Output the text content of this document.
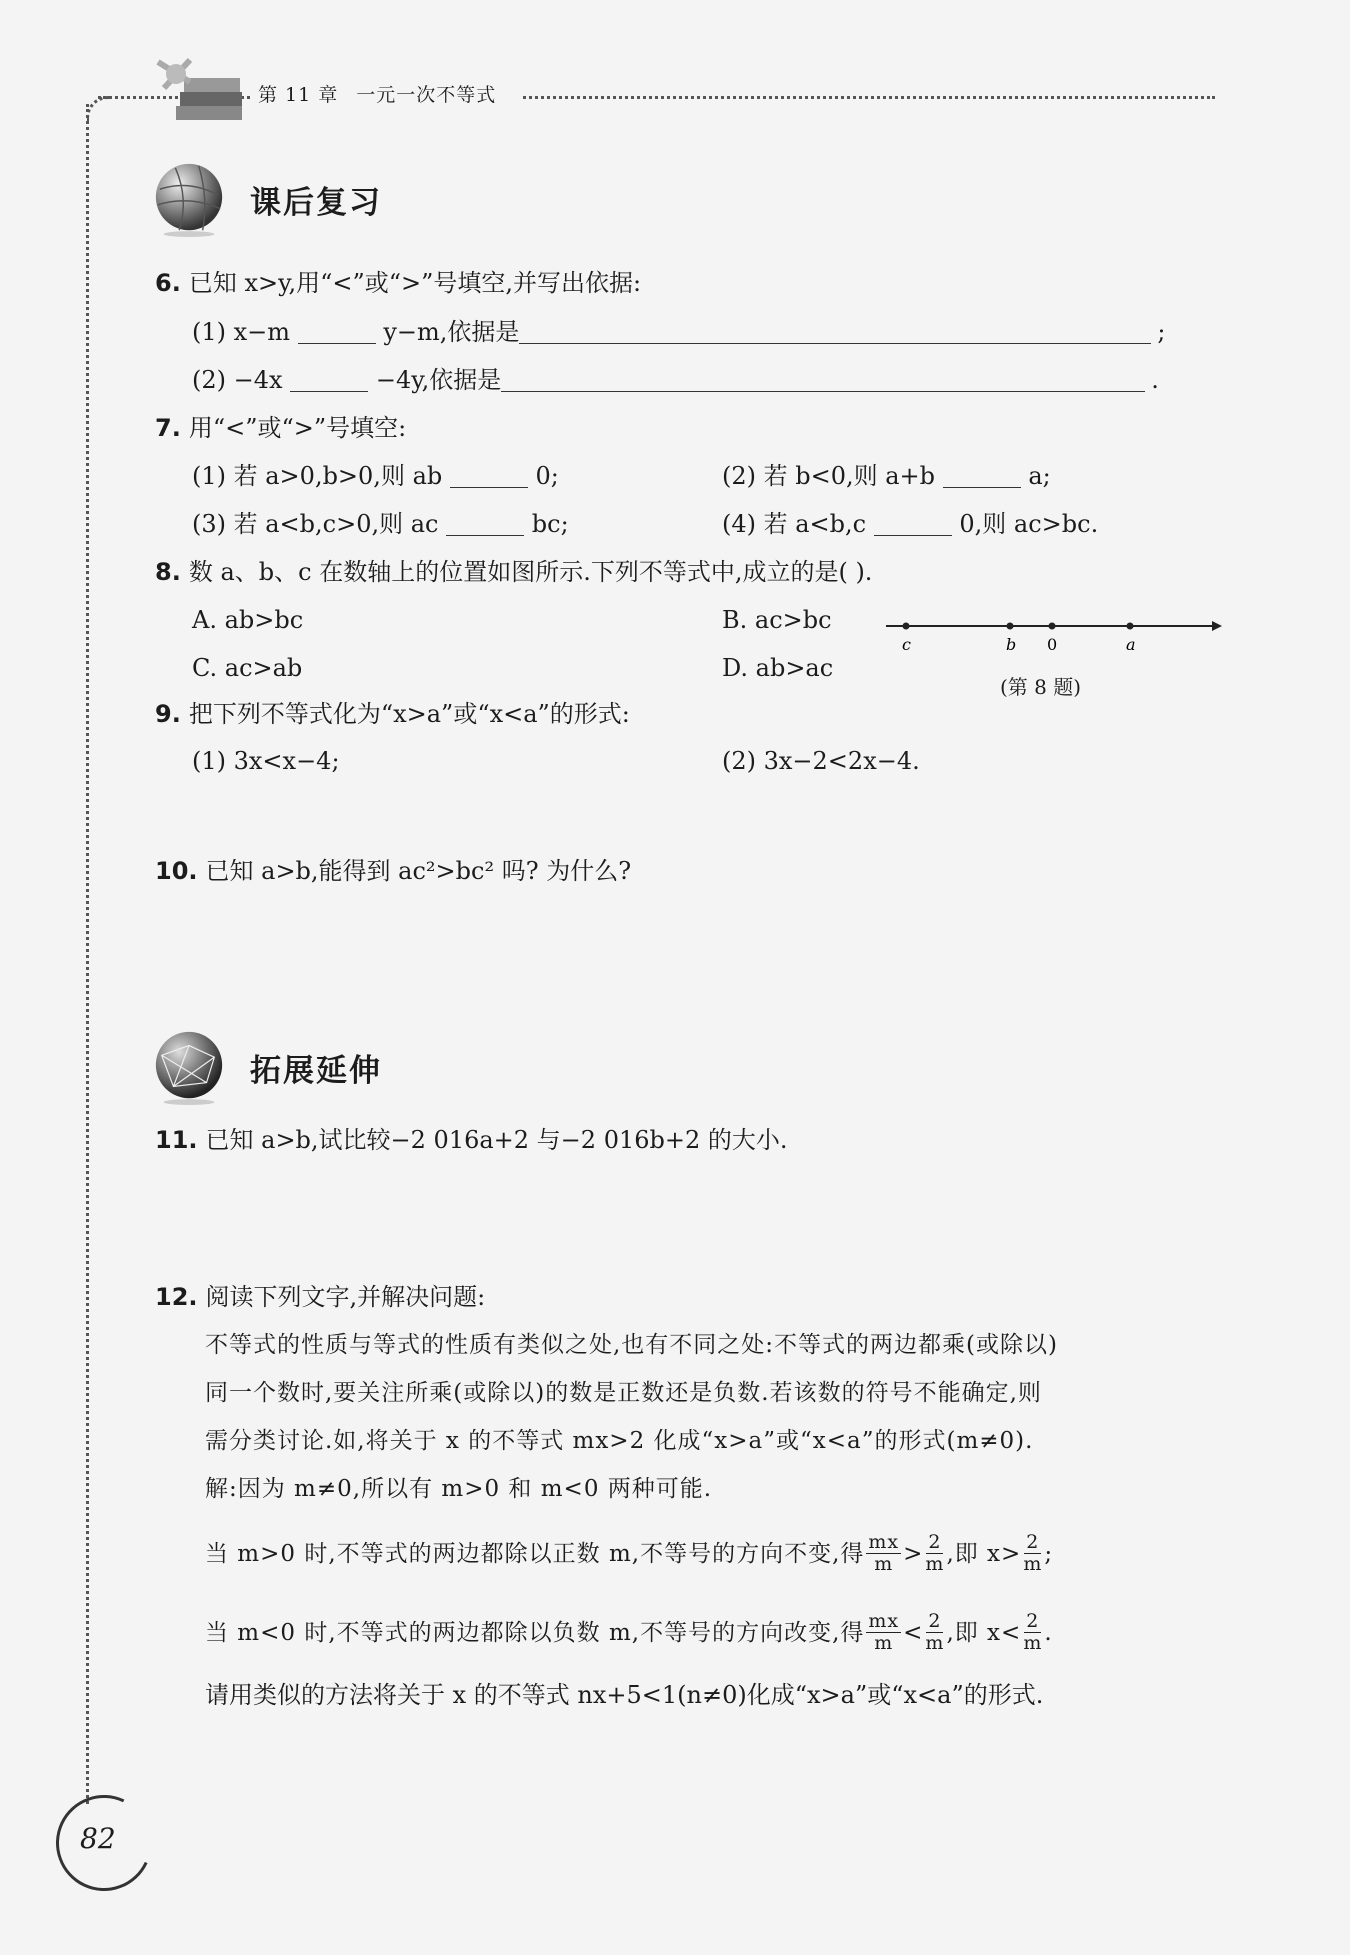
第 11 章 一元一次不等式
课后复习
6. 已知 x>y,用“<”或“>”号填空,并写出依据:
(1) x−m	y−m,依据是	;
(2) −4x	−4y,依据是	.
7. 用“<”或“>”号填空:
(1) 若 a>0,b>0,则 ab	0;	(2) 若 b<0,则 a+b	a;
(3) 若 a<b,c>0,则 ac	bc;	(4) 若 a<b,c	0,则 ac>bc.
8. 数 a、b、c 在数轴上的位置如图所示.下列不等式中,成立的是( ).
A. ab>bc	B. ac>bc
C. ac>ab	D. ab>ac
c	b 0	a
(第 8 题)
9. 把下列不等式化为“x>a”或“x<a”的形式:
(1) 3x<x−4;	(2) 3x−2<2x−4.
10. 已知 a>b,能得到 ac²>bc² 吗? 为什么?
拓展延伸
11. 已知 a>b,试比较−2 016a+2 与−2 016b+2 的大小.
12. 阅读下列文字,并解决问题:
不等式的性质与等式的性质有类似之处,也有不同之处:不等式的两边都乘(或除以)
同一个数时,要关注所乘(或除以)的数是正数还是负数.若该数的符号不能确定,则
需分类讨论.如,将关于 x 的不等式 mx>2 化成“x>a”或“x<a”的形式(m≠0).
解:因为 m≠0,所以有 m>0 和 m<0 两种可能.
当 m>0 时,不等式的两边都除以正数 m,不等号的方向不变,得 $\frac{mx}{m} > \frac{2}{m}$ ,即 $x> \frac{2}{m}$ ;
当 m<0 时,不等式的两边都除以负数 m,不等号的方向改变,得 $\frac{mx}{m} < \frac{2}{m}$ ,即 $x< \frac{2}{m}$ .
请用类似的方法将关于 x 的不等式 nx+5<1(n≠0)化成“x>a”或“x<a”的形式.
82
